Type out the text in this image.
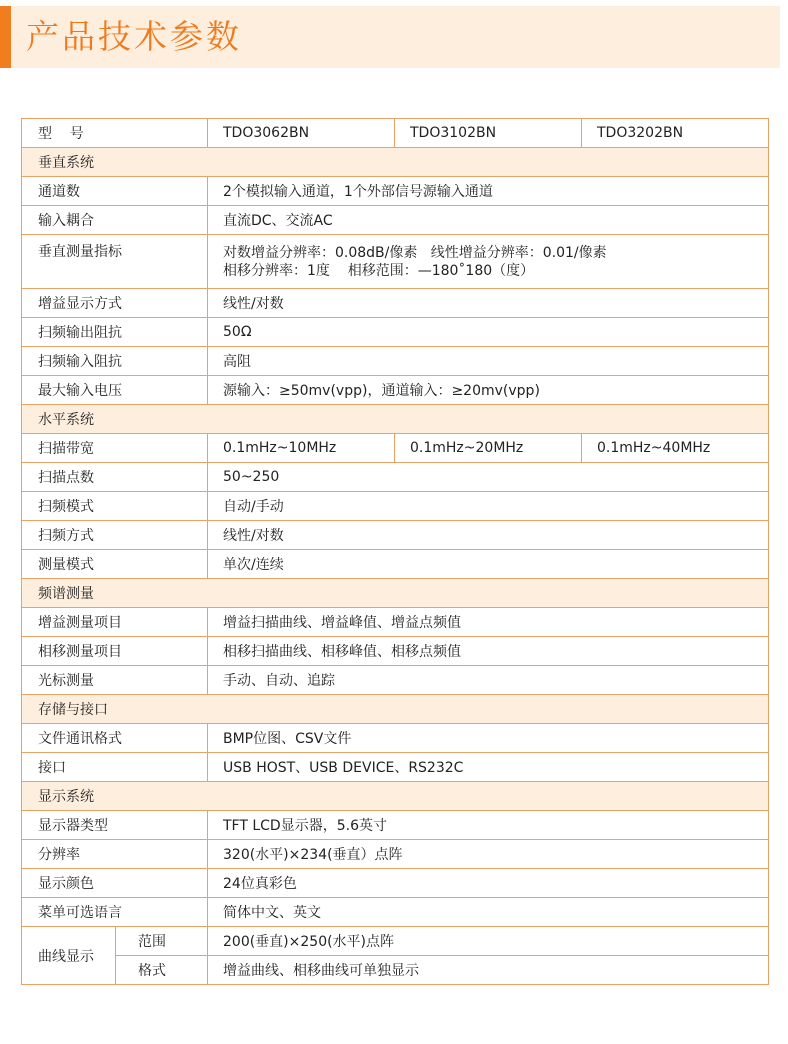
产品技术参数
型    号		TDO3062BN	TDO3102BN	TDO3202BN
垂直系统				
通道数		2个模拟输入通道，1个外部信号源输入通道		
输入耦合		直流DC、交流AC		
垂直测量指标		对数增益分辨率：0.08dB/像素   线性增益分辨率：0.01/像素
相移分辨率：1度    相移范围：—180˚180（度）		

增益显示方式		线性/对数		
扫频输出阻抗		50Ω		
扫频输入阻抗		高阻		
最大输入电压		源输入：≥50mv(vpp)，通道输入：≥20mv(vpp)		
水平系统				
扫描带宽		0.1mHz~10MHz	0.1mHz~20MHz	0.1mHz~40MHz
扫描点数		50~250		
扫频模式		自动/手动		
扫频方式		线性/对数		
测量模式		单次/连续		
频谱测量				
增益测量项目		增益扫描曲线、增益峰值、增益点频值		
相移测量项目		相移扫描曲线、相移峰值、相移点频值		
光标测量		手动、自动、追踪		
存储与接口				
文件通讯格式		BMP位图、CSV文件		
接口		USB HOST、USB DEVICE、RS232C		
显示系统				
显示器类型		TFT LCD显示器，5.6英寸		
分辨率		320(水平)×234(垂直）点阵		
显示颜色		24位真彩色		
菜单可选语言		简体中文、英文		
曲线显示	范围	200(垂直)×250(水平)点阵		
	格式	增益曲线、相移曲线可单独显示		
